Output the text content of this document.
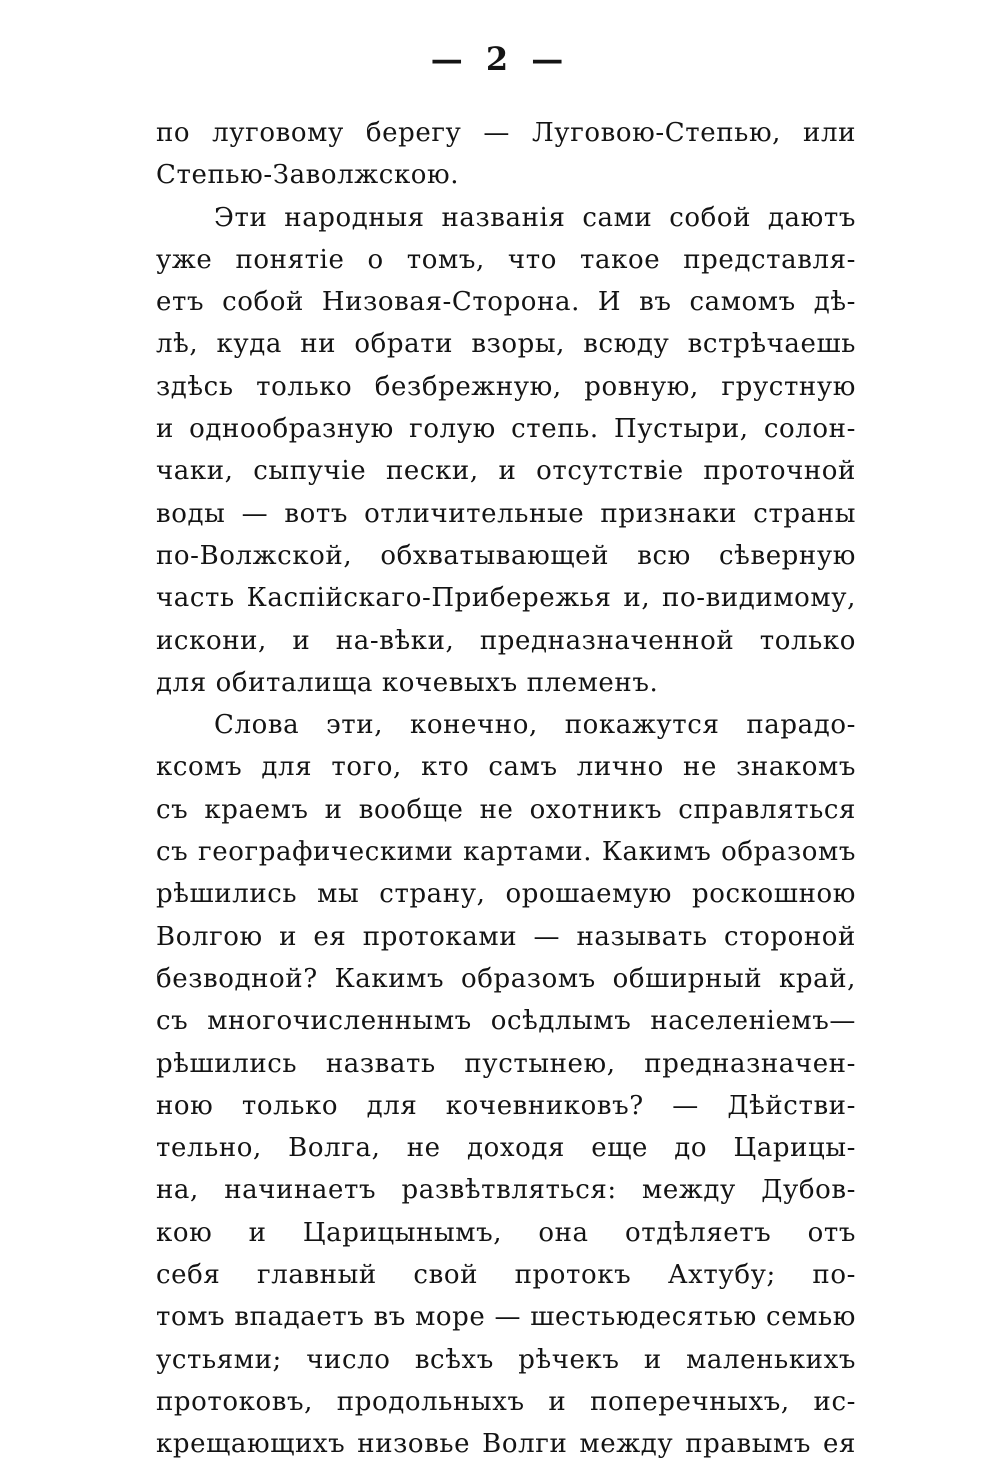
— 2 —
по луговому берегу — Луговою-Степью, или
Степью-Заволжскою.
Эти народныя названія сами собой даютъ
уже понятіе о томъ, что такое представля-
етъ собой Низовая-Сторона. И въ самомъ дѣ-
лѣ, куда ни обрати взоры, всюду встрѣчаешь
здѣсь только безбрежную, ровную, грустную
и однообразную голую степь. Пустыри, солон-
чаки, сыпучіе пески, и отсутствіе проточной
воды — вотъ отличительные признаки страны
по-Волжской, обхватывающей всю сѣверную
часть Каспійскаго-Прибережья и, по-видимому,
искони, и на-вѣки, предназначенной только
для обиталища кочевыхъ племенъ.
Слова эти, конечно, покажутся парадо-
ксомъ для того, кто самъ лично не знакомъ
съ краемъ и вообще не охотникъ справляться
съ географическими картами. Какимъ образомъ
рѣшились мы страну, орошаемую роскошною
Волгою и ея протоками — называть стороной
безводной? Какимъ образомъ обширный край,
съ многочисленнымъ осѣдлымъ населеніемъ—
рѣшились назвать пустынею, предназначен-
ною только для кочевниковъ? — Дѣйстви-
тельно, Волга, не доходя еще до Царицы-
на, начинаетъ развѣтвляться: между Дубов-
кою и Царицынымъ, она отдѣляетъ отъ
себя главный свой протокъ Ахтубу; по-
томъ впадаетъ въ море — шестьюдесятью семью
устьями; число всѣхъ рѣчекъ и маленькихъ
протоковъ, продольныхъ и поперечныхъ, ис-
крещающихъ низовье Волги между правымъ ея
